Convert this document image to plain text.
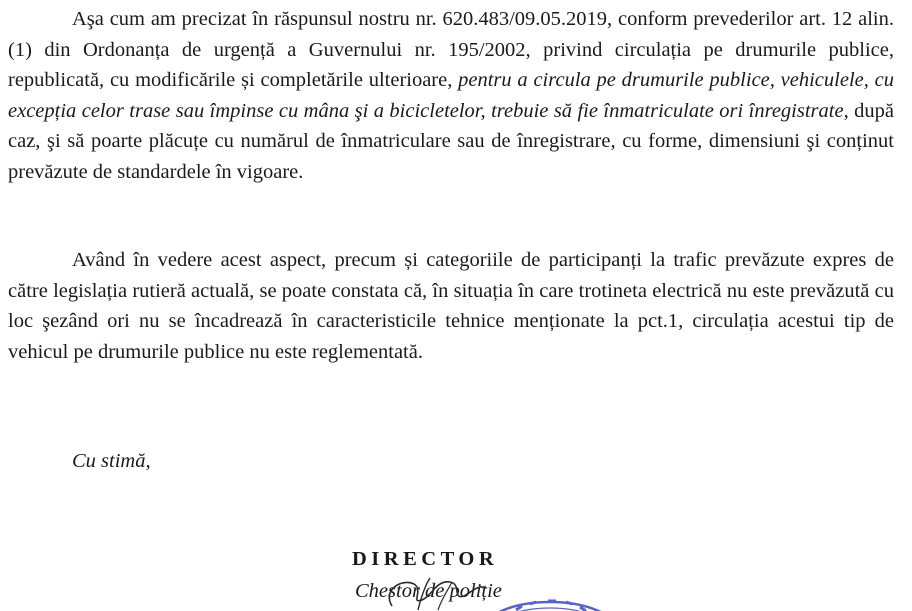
Aşa cum am precizat în răspunsul nostru nr. 620.483/09.05.2019, conform prevederilor art. 12 alin. (1) din Ordonanța de urgență a Guvernului nr. 195/2002, privind circulația pe drumurile publice, republicată, cu modificările și completările ulterioare, pentru a circula pe drumurile publice, vehiculele, cu excepția celor trase sau împinse cu mâna şi a bicicletelor, trebuie să fie înmatriculate ori înregistrate, după caz, şi să poarte plăcuțe cu numărul de înmatriculare sau de înregistrare, cu forme, dimensiuni şi conținut prevăzute de standardele în vigoare.

Având în vedere acest aspect, precum și categoriile de participanți la trafic prevăzute expres de către legislația rutieră actuală, se poate constata că, în situația în care trotineta electrică nu este prevăzută cu loc şezând ori nu se încadrează în caracteristicile tehnice menționate la pct.1, circulația acestui tip de vehicul pe drumurile publice nu este reglementată.

Cu stimă,

DIRECTOR

Chestor de poliție
